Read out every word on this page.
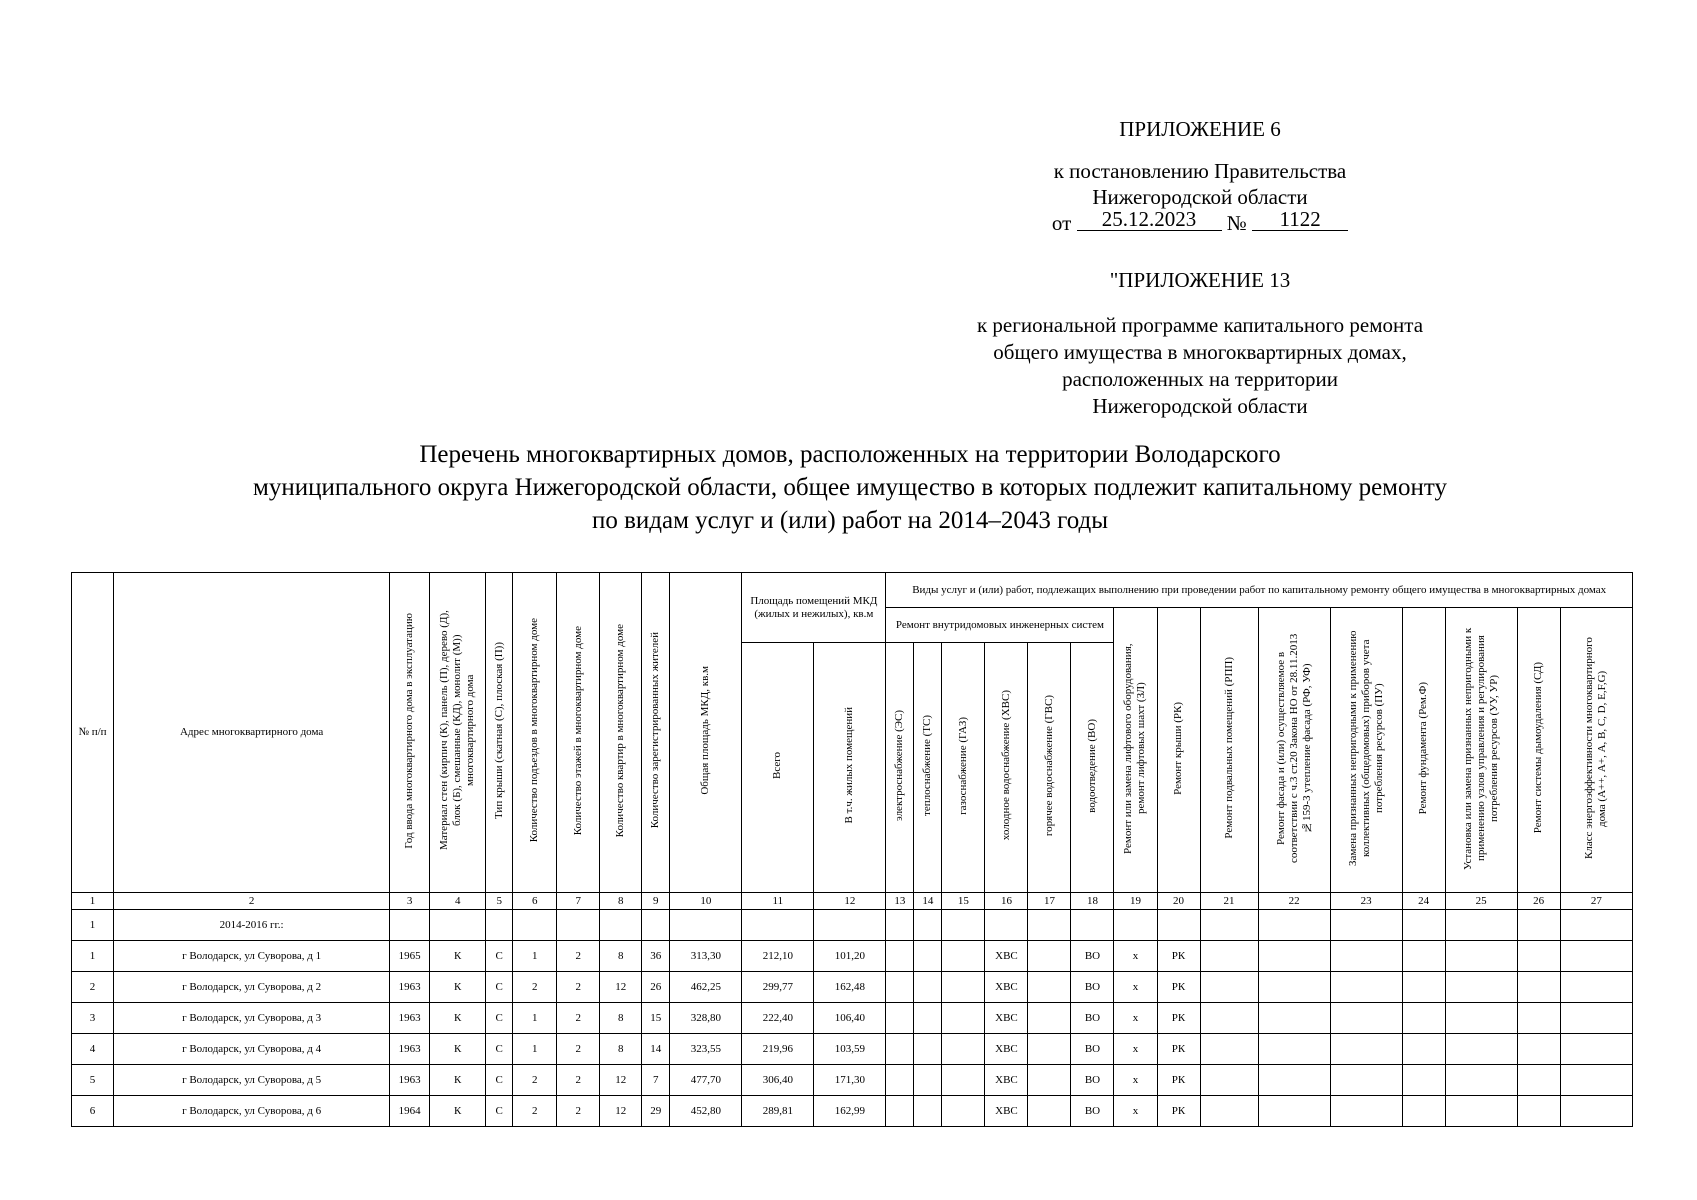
ПРИЛОЖЕНИЕ 6
к постановлению Правительства
Нижегородской области
от 25.12.2023 № 1122
"ПРИЛОЖЕНИЕ 13
к региональной программе капитального ремонта
общего имущества в многоквартирных домах,
расположенных на территории
Нижегородской области
Перечень многоквартирных домов, расположенных на территории Володарского
муниципального округа Нижегородской области, общее имущество в которых подлежит капитальному ремонту
по видам услуг и (или) работ на 2014–2043 годы
№ п/п	Адрес многоквартирного дома	Год ввода многоквартирного дома в эксплуатацию	Материал стен (кирпич (К), панель (П), дерево (Д), блок (Б), смешанные (КД), монолит (М)) многоквартирного дома	Тип крыши (скатная (С), плоская (П))	Количество подъездов в многоквартирном доме	Количество этажей в многоквартирном доме	Количество квартир в многоквартирном доме	Количество зарегистрированных жителей	Общая площадь МКД, кв.м	Площадь помещений МКД (жилых и нежилых), кв.м		Виды услуг и (или) работ, подлежащих выполнению при проведении работ по капитальному ремонту общего имущества в многоквартирных домах														
												Ремонт внутридомовых инженерных систем						Ремонт или замена лифтового оборудования, ремонт лифтовых шахт (ЗЛ)	Ремонт крыши (РК)	Ремонт подвальных помещений (РПП)	Ремонт фасада и (или) осуществляемое в соответствии с ч.3 ст.20 Закона НО от 28.11.2013 №159-З утепление фасада (РФ, УФ)	Замена признанных непригодными к применению коллективных (общедомовых) приборов учета потребления ресурсов (ПУ)	Ремонт фундамента (Рем.Ф)	Установка или замена признанных непригодными к применению узлов управления и регулирования потребления ресурсов (УУ, УР)	Ремонт системы дымоудаления (СД)	Класс энергоэффективности многоквартирного дома (А++, А+, А, В, С, D, E,F,G)
										Всего	В т.ч. жилых помещений	электроснабжение (ЭС)	теплоснабжение (ТС)	газоснабжение (ГАЗ)	холодное водоснабжение (ХВС)	горячее водоснабжение (ГВС)	водоотведение (ВО)									
1	2	3	4	5	6	7	8	9	10	11	12	13	14	15	16	17	18	19	20	21	22	23	24	25	26	27
1	2014-2016 гг.:																									
1	г Володарск, ул Суворова, д 1	1965	К	С	1	2	8	36	313,30	212,10	101,20				ХВС		ВО	х	РК							
2	г Володарск, ул Суворова, д 2	1963	К	С	2	2	12	26	462,25	299,77	162,48				ХВС		ВО	х	РК							
3	г Володарск, ул Суворова, д 3	1963	К	С	1	2	8	15	328,80	222,40	106,40				ХВС		ВО	х	РК							
4	г Володарск, ул Суворова, д 4	1963	К	С	1	2	8	14	323,55	219,96	103,59				ХВС		ВО	х	РК							
5	г Володарск, ул Суворова, д 5	1963	К	С	2	2	12	7	477,70	306,40	171,30				ХВС		ВО	х	РК							
6	г Володарск, ул Суворова, д 6	1964	К	С	2	2	12	29	452,80	289,81	162,99				ХВС		ВО	х	РК							
